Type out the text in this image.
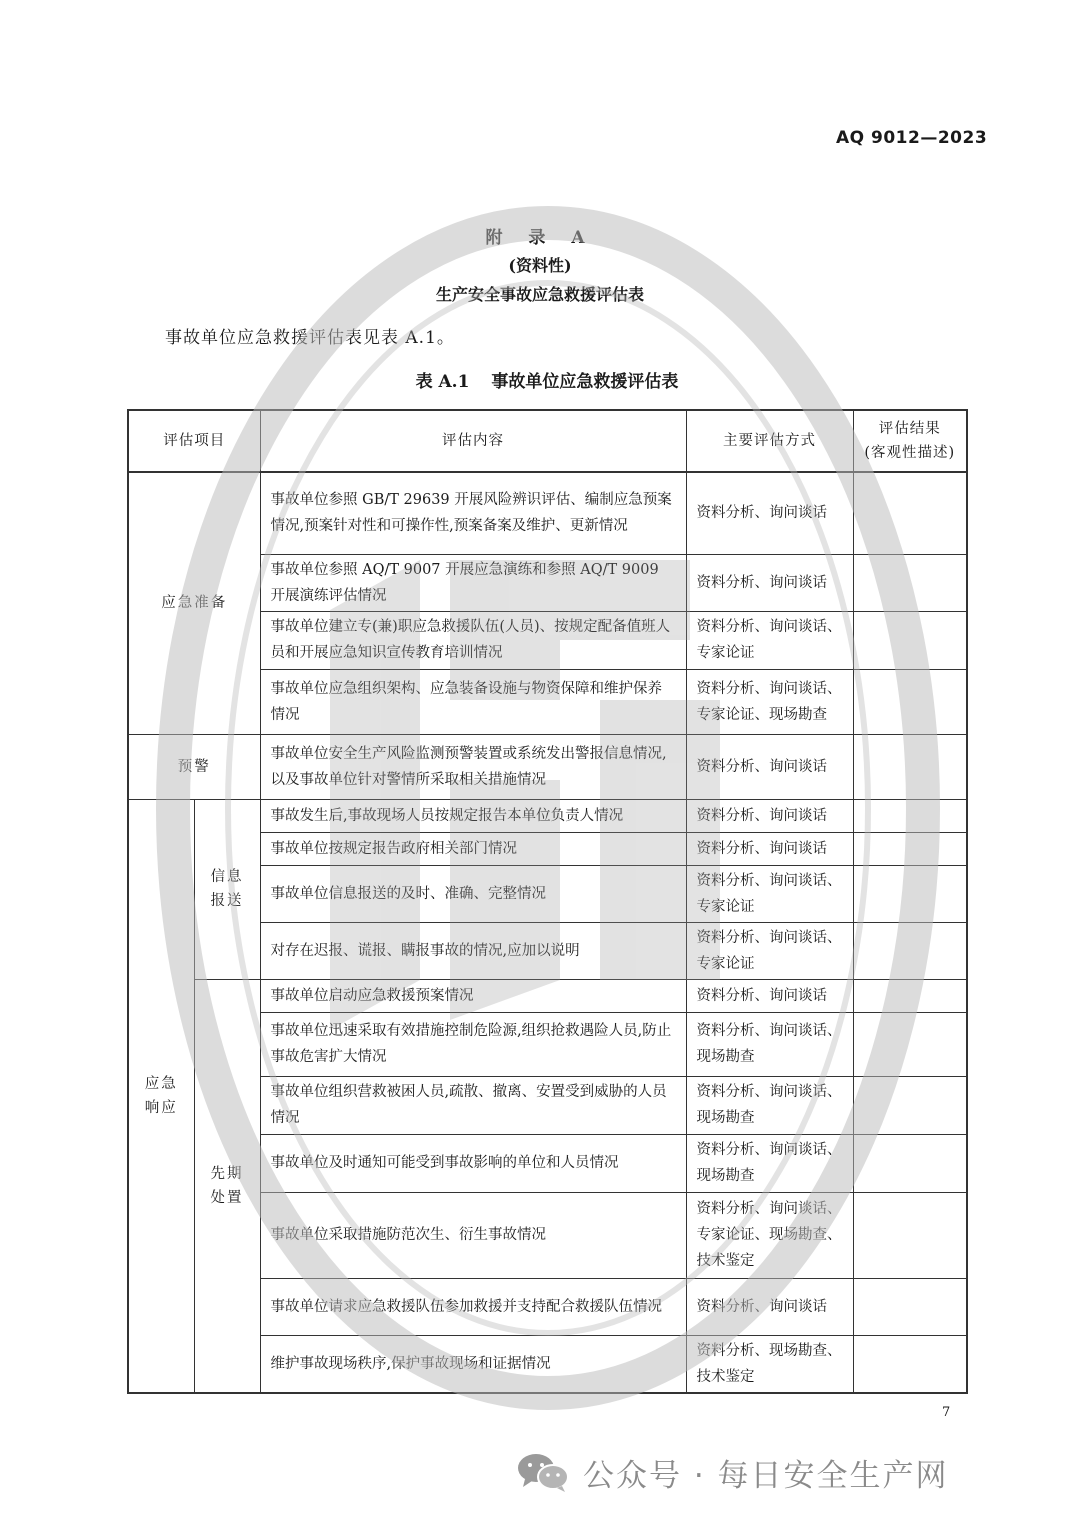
AQ 9012—2023
附 录 A
(资料性)
生产安全事故应急救援评估表
事故单位应急救援评估表见表 A.1。
表 A.1 事故单位应急救援评估表
评估项目		评估内容	主要评估方式	评估结果
(客观性描述)
应急准备		事故单位参照 GB/T 29639 开展风险辨识评估、编制应急预案情况,预案针对性和可操作性,预案备案及维护、更新情况	资料分析、询问谈话	
		事故单位参照 AQ/T 9007 开展应急演练和参照 AQ/T 9009 开展演练评估情况	资料分析、询问谈话	
		事故单位建立专(兼)职应急救援队伍(人员)、按规定配备值班人员和开展应急知识宣传教育培训情况	资料分析、询问谈话、专家论证	
		事故单位应急组织架构、应急装备设施与物资保障和维护保养情况	资料分析、询问谈话、专家论证、现场勘查	
预警		事故单位安全生产风险监测预警装置或系统发出警报信息情况,以及事故单位针对警情所采取相关措施情况	资料分析、询问谈话	
应急响应	信息报送	事故发生后,事故现场人员按规定报告本单位负责人情况	资料分析、询问谈话	
		事故单位按规定报告政府相关部门情况	资料分析、询问谈话	
		事故单位信息报送的及时、准确、完整情况	资料分析、询问谈话、专家论证	
		对存在迟报、谎报、瞒报事故的情况,应加以说明	资料分析、询问谈话、专家论证	
	先期处置	事故单位启动应急救援预案情况	资料分析、询问谈话	
		事故单位迅速采取有效措施控制危险源,组织抢救遇险人员,防止事故危害扩大情况	资料分析、询问谈话、现场勘查	
		事故单位组织营救被困人员,疏散、撤离、安置受到威胁的人员情况	资料分析、询问谈话、现场勘查	
		事故单位及时通知可能受到事故影响的单位和人员情况	资料分析、询问谈话、现场勘查	
		事故单位采取措施防范次生、衍生事故情况	资料分析、询问谈话、专家论证、现场勘查、技术鉴定	
		事故单位请求应急救援队伍参加救援并支持配合救援队伍情况	资料分析、询问谈话	
		维护事故现场秩序,保护事故现场和证据情况	资料分析、现场勘查、技术鉴定	
7
公众号 · 每日安全生产网
